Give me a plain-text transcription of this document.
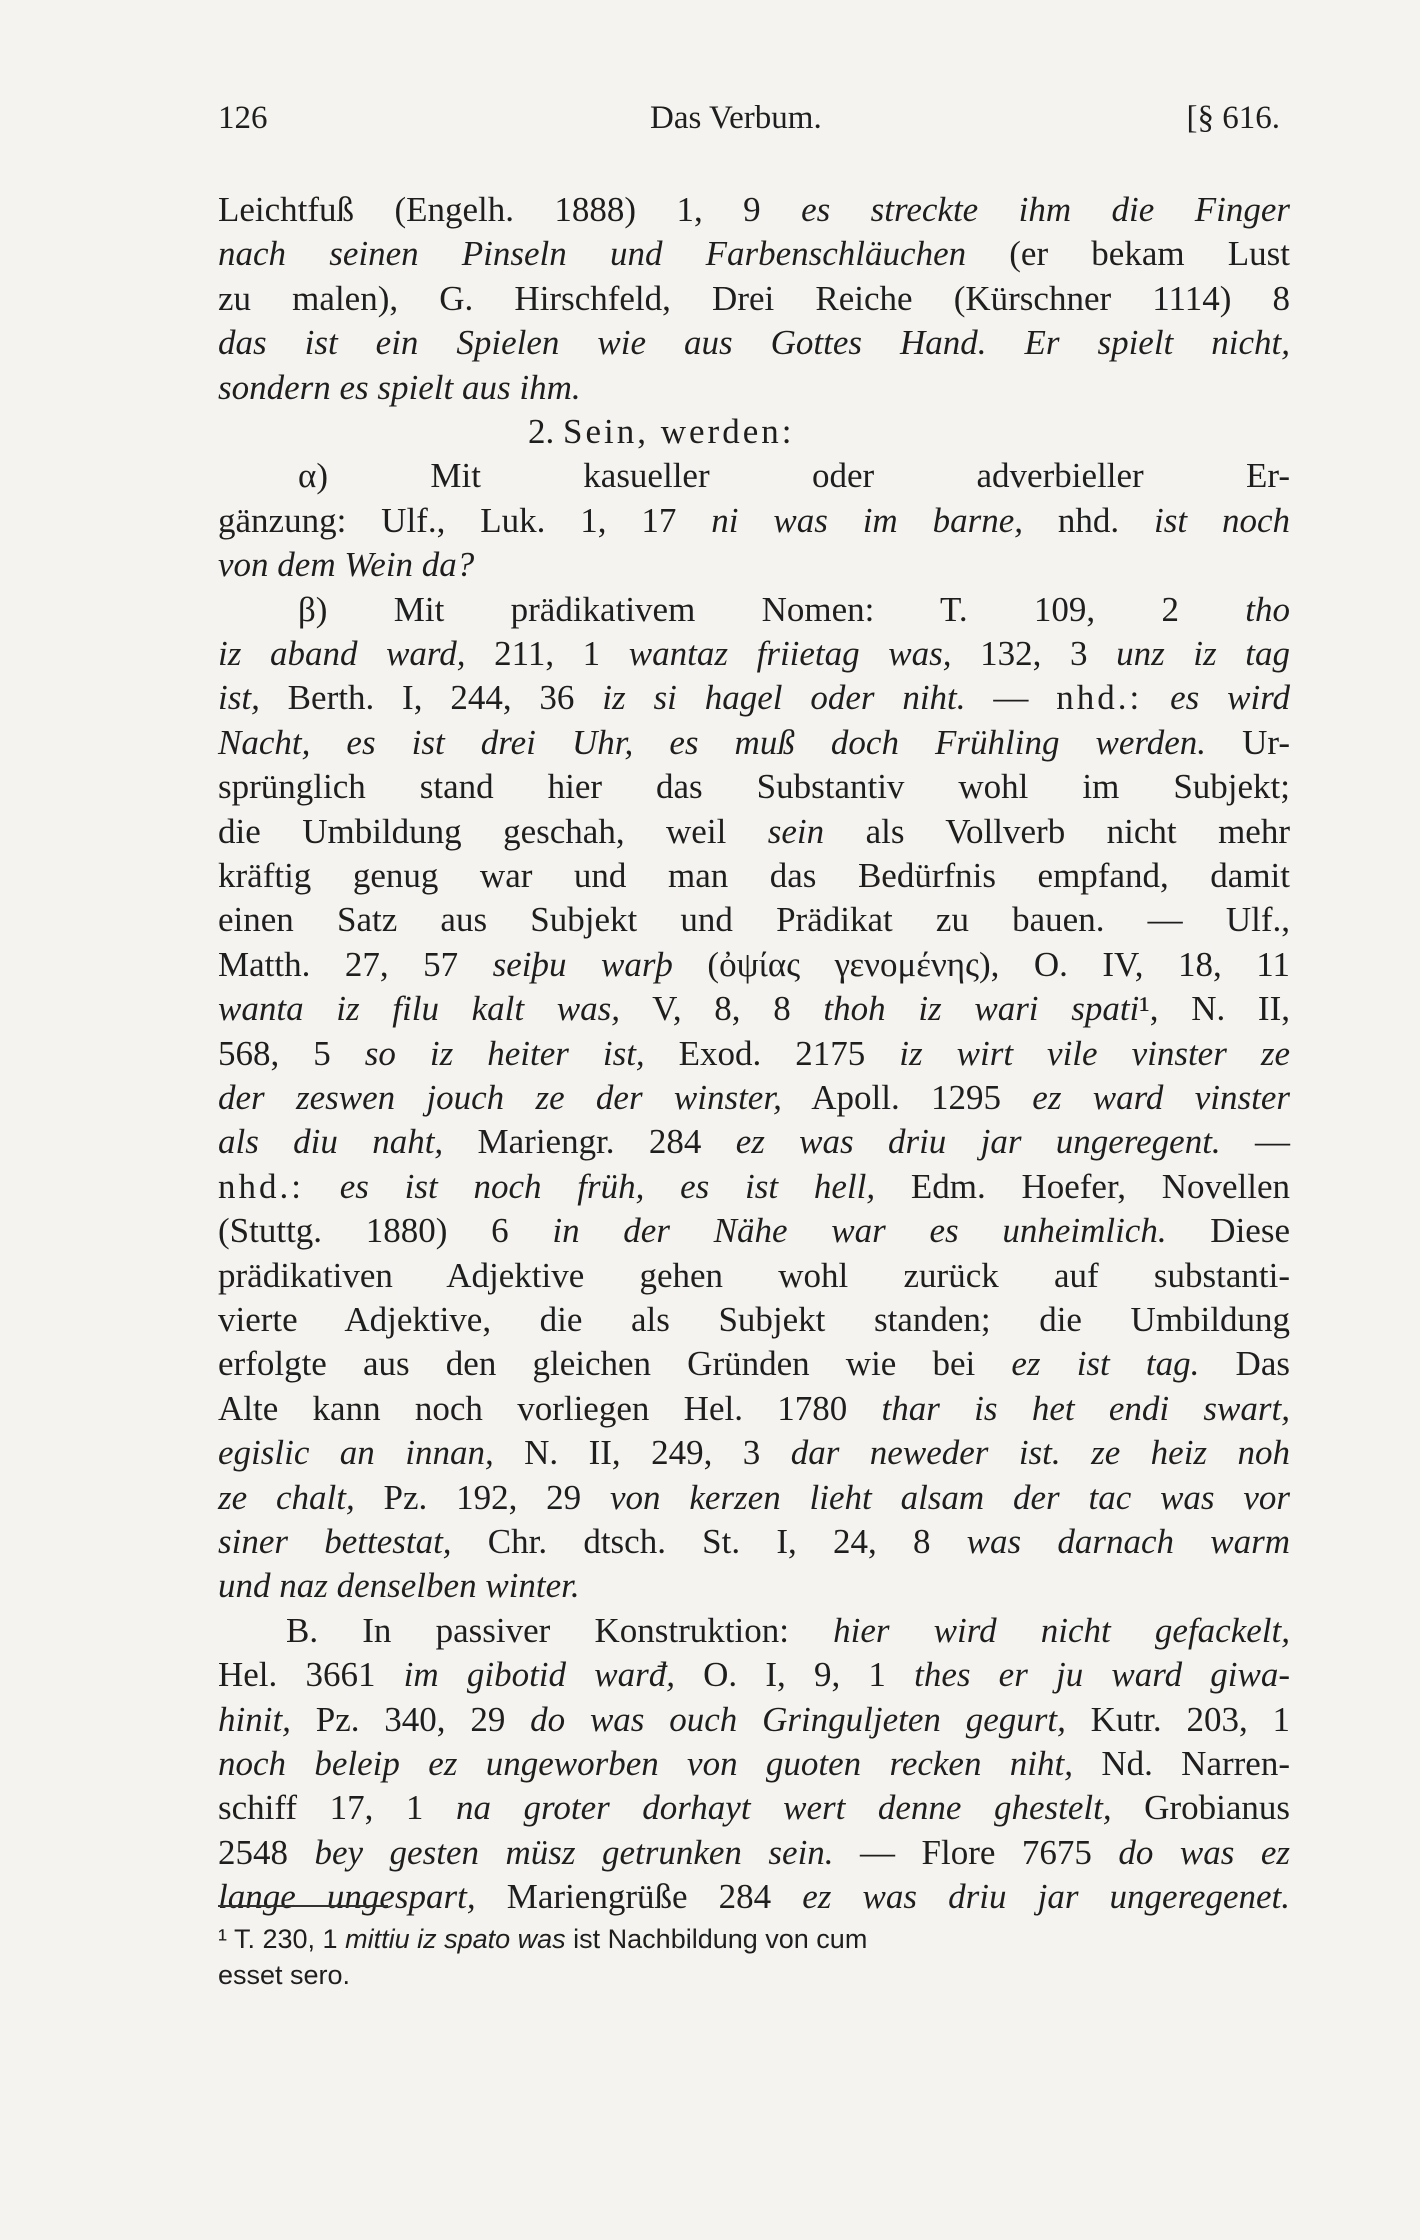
126	Das Verbum.	[§ 616.
Leichtfuß (Engelh. 1888) 1, 9 es streckte ihm die Finger
nach seinen Pinseln und Farbenschläuchen (er bekam Lust
zu malen), G. Hirschfeld, Drei Reiche (Kürschner 1114) 8
das ist ein Spielen wie aus Gottes Hand. Er spielt nicht,
sondern es spielt aus ihm.
2. Sein, werden:
α) Mit kasueller oder adverbieller Er-
gänzung: Ulf., Luk. 1, 17 ni was im barne, nhd. ist noch
von dem Wein da?
β) Mit prädikativem Nomen: T. 109, 2 tho
iz aband ward, 211, 1 wantaz friietag was, 132, 3 unz iz tag
ist, Berth. I, 244, 36 iz si hagel oder niht. — nhd.: es wird
Nacht, es ist drei Uhr, es muß doch Frühling werden. Ur-
sprünglich stand hier das Substantiv wohl im Subjekt;
die Umbildung geschah, weil sein als Vollverb nicht mehr
kräftig genug war und man das Bedürfnis empfand, damit
einen Satz aus Subjekt und Prädikat zu bauen. — Ulf.,
Matth. 27, 57 seiþu warþ (ὀψίας γενομένης), O. IV, 18, 11
wanta iz filu kalt was, V, 8, 8 thoh iz wari spati¹, N. II,
568, 5 so iz heiter ist, Exod. 2175 iz wirt vile vinster ze
der zeswen jouch ze der winster, Apoll. 1295 ez ward vinster
als diu naht, Mariengr. 284 ez was driu jar ungeregent. —
nhd.: es ist noch früh, es ist hell, Edm. Hoefer, Novellen
(Stuttg. 1880) 6 in der Nähe war es unheimlich. Diese
prädikativen Adjektive gehen wohl zurück auf substanti-
vierte Adjektive, die als Subjekt standen; die Umbildung
erfolgte aus den gleichen Gründen wie bei ez ist tag. Das
Alte kann noch vorliegen Hel. 1780 thar is het endi swart,
egislic an innan, N. II, 249, 3 dar neweder ist. ze heiz noh
ze chalt, Pz. 192, 29 von kerzen lieht alsam der tac was vor
siner bettestat, Chr. dtsch. St. I, 24, 8 was darnach warm
und naz denselben winter.
B. In passiver Konstruktion: hier wird nicht gefackelt,
Hel. 3661 im gibotid warđ, O. I, 9, 1 thes er ju ward giwa-
hinit, Pz. 340, 29 do was ouch Gringuljeten gegurt, Kutr. 203, 1
noch beleip ez ungeworben von guoten recken niht, Nd. Narren-
schiff 17, 1 na groter dorhayt wert denne ghestelt, Grobianus
2548 bey gesten müsz getrunken sein. — Flore 7675 do was ez
lange ungespart, Mariengrüße 284 ez was driu jar ungeregenet.
¹ T. 230, 1 mittiu iz spato was ist Nachbildung von cum
esset sero.
